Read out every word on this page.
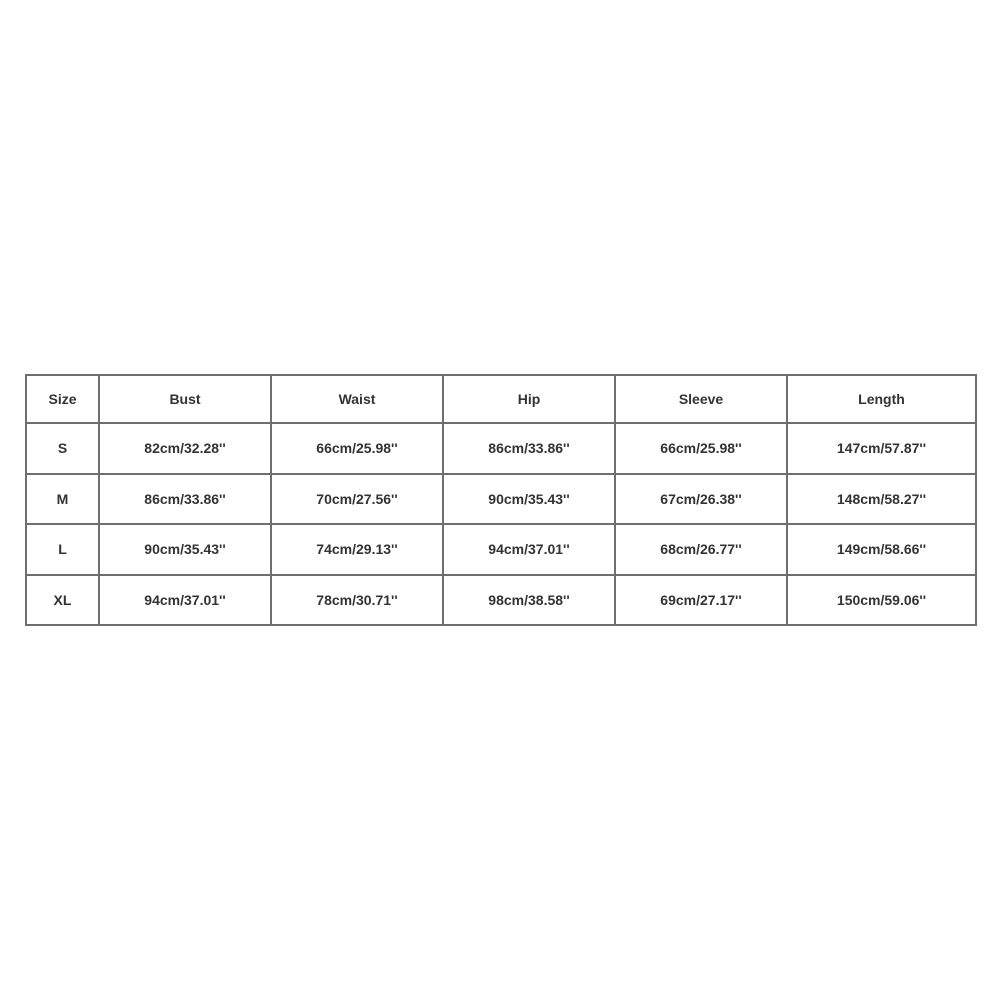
Size	Bust	Waist	Hip	Sleeve	Length
S	82cm/32.28''	66cm/25.98''	86cm/33.86''	66cm/25.98''	147cm/57.87''
M	86cm/33.86''	70cm/27.56''	90cm/35.43''	67cm/26.38''	148cm/58.27''
L	90cm/35.43''	74cm/29.13''	94cm/37.01''	68cm/26.77''	149cm/58.66''
XL	94cm/37.01''	78cm/30.71''	98cm/38.58''	69cm/27.17''	150cm/59.06''
